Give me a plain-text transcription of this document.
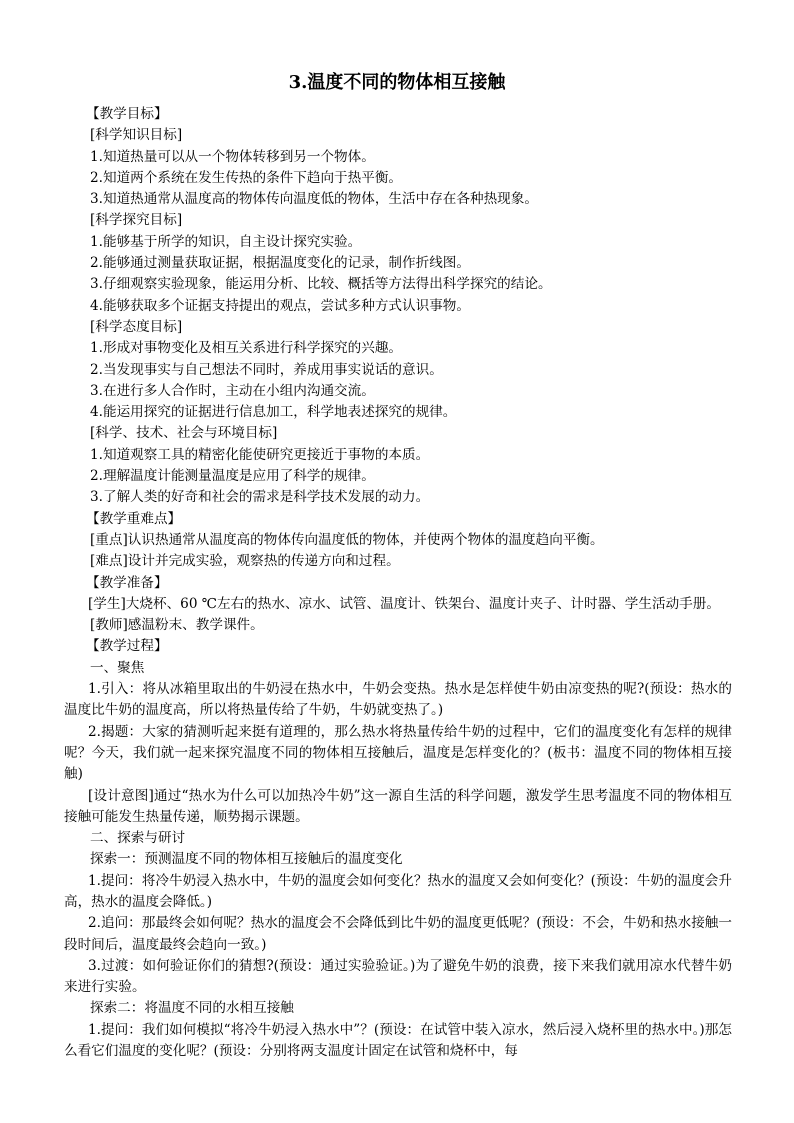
3.温度不同的物体相互接触
【教学目标】
[科学知识目标]
1.知道热量可以从一个物体转移到另一个物体。
2.知道两个系统在发生传热的条件下趋向于热平衡。
3.知道热通常从温度高的物体传向温度低的物体，生活中存在各种热现象。
[科学探究目标]
1.能够基于所学的知识，自主设计探究实验。
2.能够通过测量获取证据，根据温度变化的记录，制作折线图。
3.仔细观察实验现象，能运用分析、比较、概括等方法得出科学探究的结论。
4.能够获取多个证据支持提出的观点，尝试多种方式认识事物。
[科学态度目标]
1.形成对事物变化及相互关系进行科学探究的兴趣。
2.当发现事实与自己想法不同时，养成用事实说话的意识。
3.在进行多人合作时，主动在小组内沟通交流。
4.能运用探究的证据进行信息加工，科学地表述探究的规律。
[科学、技术、社会与环境目标]
1.知道观察工具的精密化能使研究更接近于事物的本质。
2.理解温度计能测量温度是应用了科学的规律。
3.了解人类的好奇和社会的需求是科学技术发展的动力。
【教学重难点】
[重点]认识热通常从温度高的物体传向温度低的物体，并使两个物体的温度趋向平衡。
[难点]设计并完成实验，观察热的传递方向和过程。
【教学准备】
[学生]大烧杯、60 ℃左右的热水、凉水、试管、温度计、铁架台、温度计夹子、计时器、学生活动手册。
[教师]感温粉末、教学课件。
【教学过程】
一、聚焦
1.引入：将从冰箱里取出的牛奶浸在热水中，牛奶会变热。热水是怎样使牛奶由凉变热的呢?(预设：热水的温度比牛奶的温度高，所以将热量传给了牛奶，牛奶就变热了。)
2.揭题：大家的猜测听起来挺有道理的，那么热水将热量传给牛奶的过程中，它们的温度变化有怎样的规律呢？今天，我们就一起来探究温度不同的物体相互接触后，温度是怎样变化的？(板书：温度不同的物体相互接触)
[设计意图]通过“热水为什么可以加热冷牛奶”这一源自生活的科学问题，激发学生思考温度不同的物体相互接触可能发生热量传递，顺势揭示课题。
二、探索与研讨
探索一：预测温度不同的物体相互接触后的温度变化
1.提问：将冷牛奶浸入热水中，牛奶的温度会如何变化？热水的温度又会如何变化？(预设：牛奶的温度会升高，热水的温度会降低。)
2.追问：那最终会如何呢？热水的温度会不会降低到比牛奶的温度更低呢？(预设：不会，牛奶和热水接触一段时间后，温度最终会趋向一致。)
3.过渡：如何验证你们的猜想?(预设：通过实验验证。)为了避免牛奶的浪费，接下来我们就用凉水代替牛奶来进行实验。
探索二：将温度不同的水相互接触
1.提问：我们如何模拟“将冷牛奶浸入热水中”？(预设：在试管中装入凉水，然后浸入烧杯里的热水中。)那怎么看它们温度的变化呢？(预设：分别将两支温度计固定在试管和烧杯中，每
